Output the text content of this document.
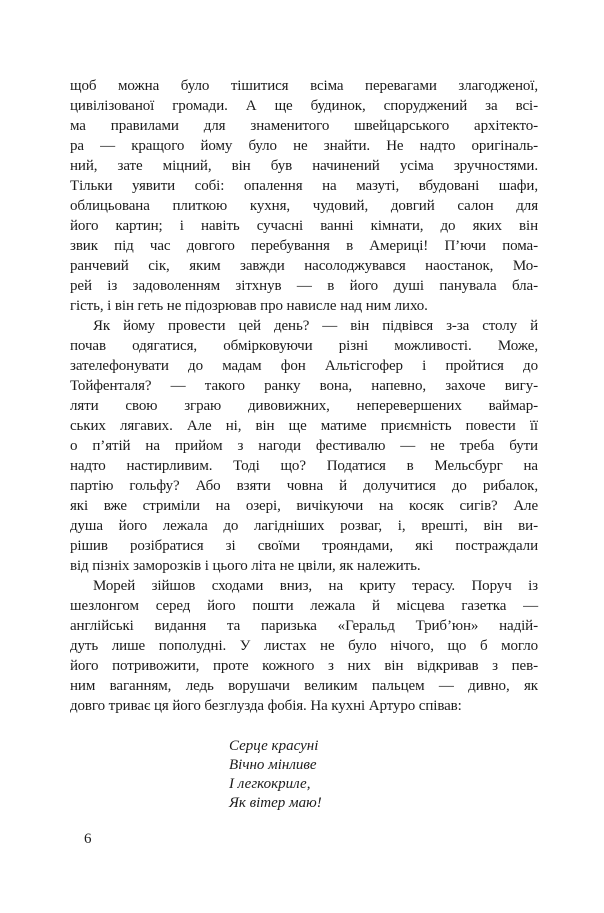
щоб можна було тішитися всіма перевагами злагодженої,
цивілізованої громади. А ще будинок, споруджений за всі-
ма правилами для знаменитого швейцарського архітекто-
ра — кращого йому було не знайти. Не надто оригіналь-
ний, зате міцний, він був начинений усіма зручностями.
Тільки уявити собі: опалення на мазуті, вбудовані шафи,
облицьована плиткою кухня, чудовий, довгий салон для
його картин; і навіть сучасні ванні кімнати, до яких він
звик під час довгого перебування в Америці! П’ючи пома-
ранчевий сік, яким завжди насолоджувався наостанок, Мо-
рей із задоволенням зітхнув — в його душі панувала бла-
гість, і він геть не підозрював про нависле над ним лихо.
Як йому провести цей день? — він підвівся з-за столу й
почав одягатися, обмірковуючи різні можливості. Може,
зателефонувати до мадам фон Альтісгофер і пройтися до
Тойфенталя? — такого ранку вона, напевно, захоче вигу-
ляти свою зграю дивовижних, неперевершених ваймар-
ських лягавих. Але ні, він ще матиме приємність повести її
о п’ятій на прийом з нагоди фестивалю — не треба бути
надто настирливим. Тоді що? Податися в Мельсбург на
партію гольфу? Або взяти човна й долучитися до рибалок,
які вже стриміли на озері, вичікуючи на косяк сигів? Але
душа його лежала до лагідніших розваг, і, врешті, він ви-
рішив розібратися зі своїми трояндами, які постраждали
від пізніх заморозків і цього літа не цвіли, як належить.
Морей зійшов сходами вниз, на криту терасу. Поруч із
шезлонгом серед його пошти лежала й місцева газетка —
англійські видання та паризька «Геральд Триб’юн» надій-
дуть лише пополудні. У листах не було нічого, що б могло
його потривожити, проте кожного з них він відкривав з пев-
ним ваганням, ледь ворушачи великим пальцем — дивно, як
довго триває ця його безглузда фобія. На кухні Артуро співав:
Серце красуні
Вічно мінливе
І легкокриле,
Як вітер маю!
6
